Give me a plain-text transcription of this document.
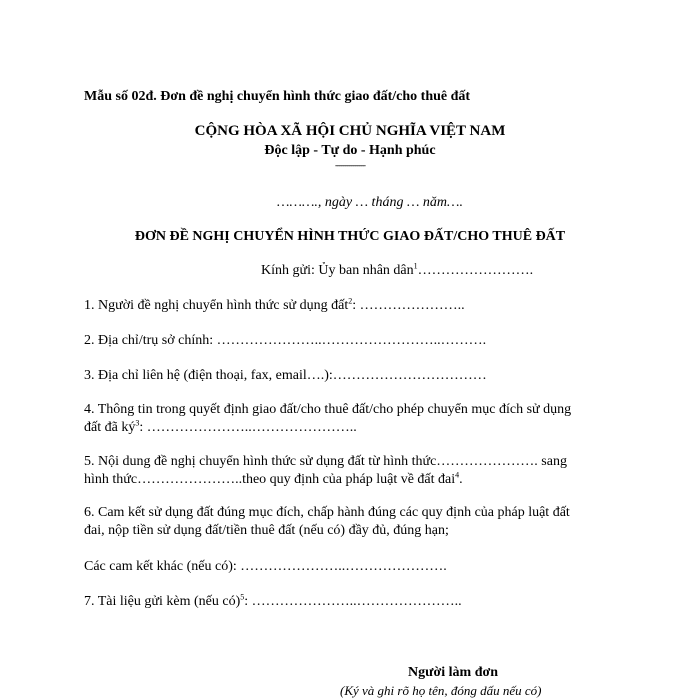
Mẫu số 02đ. Đơn đề nghị chuyển hình thức giao đất/cho thuê đất
CỘNG HÒA XÃ HỘI CHỦ NGHĨA VIỆT NAM
Độc lập - Tự do - Hạnh phúc
---------------
………., ngày … tháng … năm….
ĐƠN ĐỀ NGHỊ CHUYỂN HÌNH THỨC GIAO ĐẤT/CHO THUÊ ĐẤT
Kính gửi: Ủy ban nhân dân$^1$…………………….
1. Người đề nghị chuyển hình thức sử dụng đất$^2$: …………………..
2. Địa chỉ/trụ sở chính: …………………..……………………..……….
3. Địa chỉ liên hệ (điện thoại, fax, email….):……………………………
4. Thông tin trong quyết định giao đất/cho thuê đất/cho phép chuyển mục đích sử dụng
đất đã $ký^3$: …………………..…………………..
5. Nội dung đề nghị chuyển hình thức sử dụng đất từ hình thức…………………. sang
hình thức…………………..theo quy định của pháp luật về đất đai$^4$.
6. Cam kết sử dụng đất đúng mục đích, chấp hành đúng các quy định của pháp luật đất
đai, nộp tiền sử dụng đất/tiền thuê đất (nếu có) đầy đủ, đúng hạn;
Các cam kết khác (nếu có): …………………..………………….
7. Tài liệu gửi kèm (nếu có)$^5$: …………………..…………………..
Người làm đơn
(Ký và ghi rõ họ tên, đóng dấu nếu có)
